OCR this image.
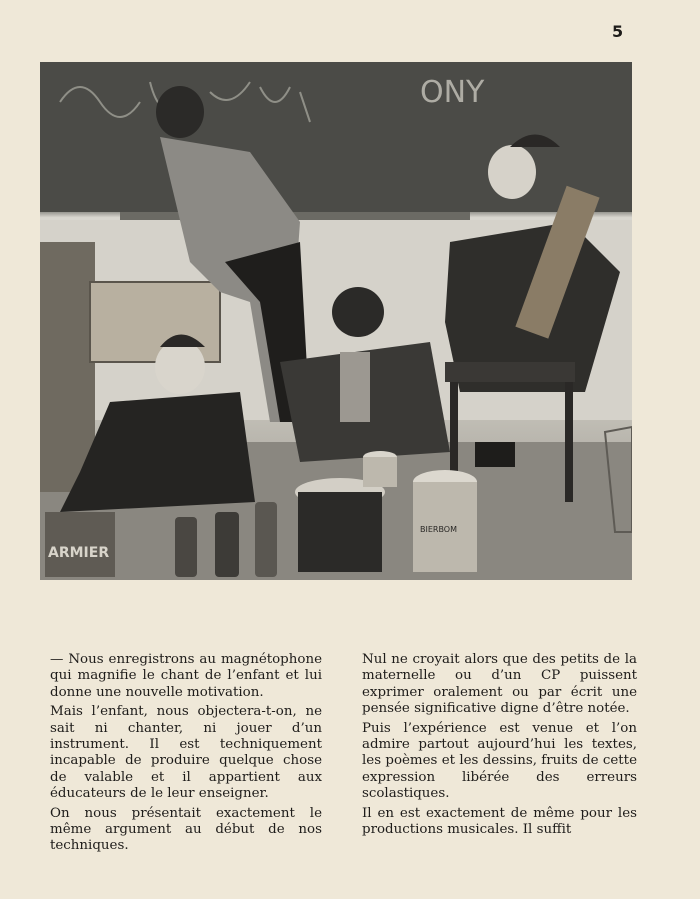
5
ONY
BIERBOM
ARMIER

— Nous enregistrons au magnétophone qui magnifie le chant de l’enfant et lui donne une nouvelle motivation.

Mais l’enfant, nous objectera-t-on, ne sait ni chanter, ni jouer d’un instrument. Il est techniquement incapable de produire quelque chose de valable et il appartient aux éducateurs de le leur enseigner.

On nous présentait exactement le même argument au début de nos techniques.

Nul ne croyait alors que des petits de la maternelle ou d’un CP puissent exprimer oralement ou par écrit une pensée significative digne d’être notée.

Puis l’expérience est venue et l’on admire partout aujourd’hui les textes, les poèmes et les dessins, fruits de cette expression libérée des erreurs scolastiques.

Il en est exactement de même pour les productions musicales. Il suffit
